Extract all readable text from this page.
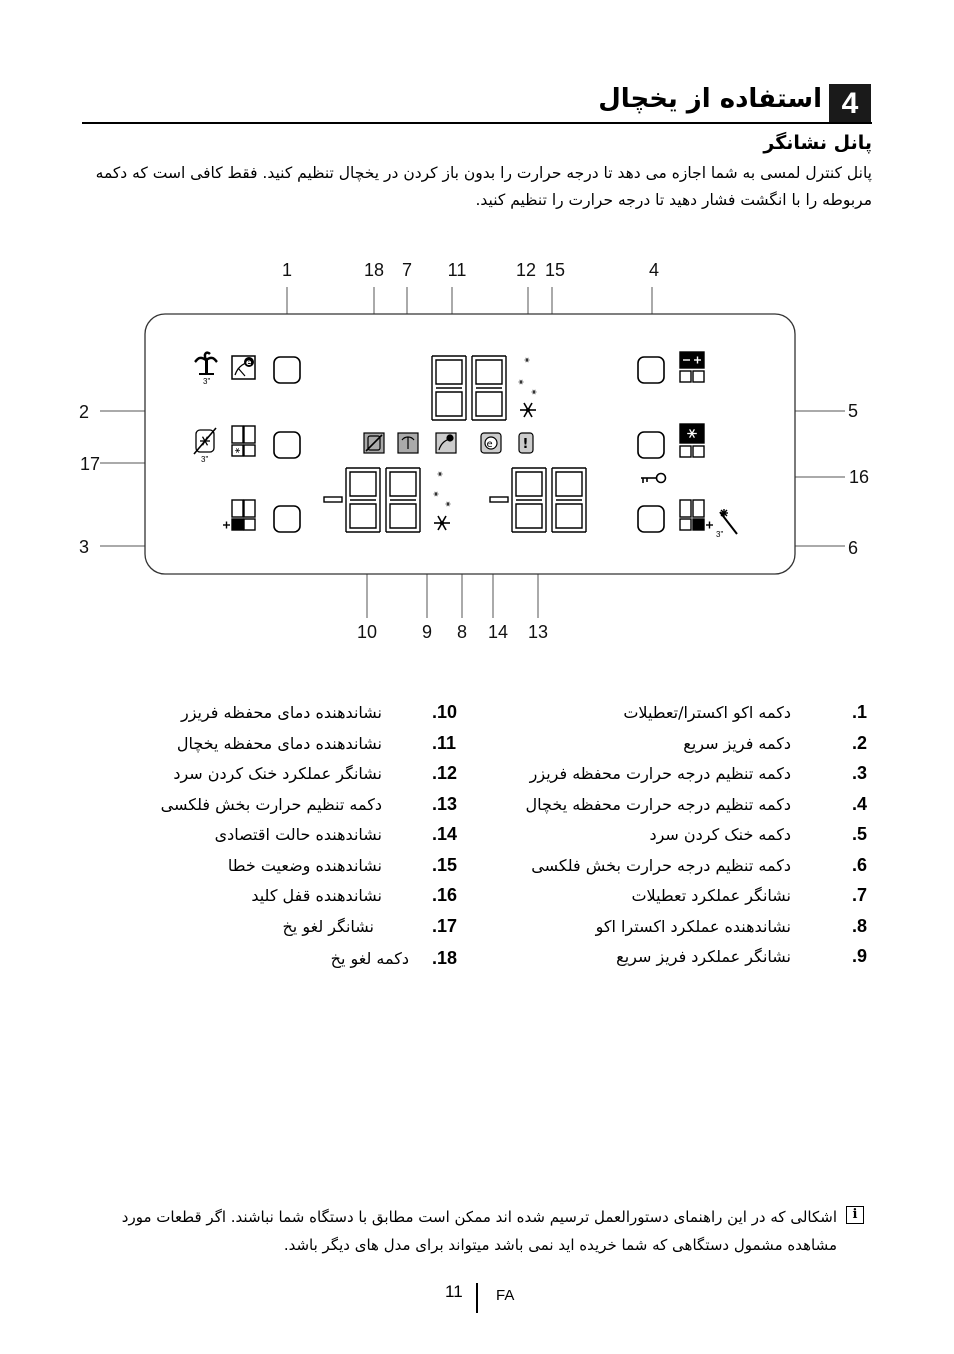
4
استفاده از یخچال
پانل نشانگر
پانل کنترل لمسی به شما اجازه می دهد تا درجه حرارت را بدون باز کردن در یخچال تنظیم کنید. فقط کافی است که دکمه مربوطه را با انگشت فشار دهید تا درجه حرارت را تنظیم کنید.
1	18 7 11	12 15	4
2
17
3
5
16
6
10 9 8 14 13
3"
e
3"
e !
3"
.1
دکمه اکو اکسترا/تعطیلات
.2
دکمه فریز سریع
.3
دکمه تنظیم درجه حرارت محفظه فریزر
.4
دکمه تنظیم درجه حرارت محفظه یخچال
.5
دکمه خنک کردن سرد
.6
دکمه تنظیم درجه حرارت بخش فلکسی
.7
نشانگر عملکرد تعطیلات
.8
نشاندهنده عملکرد اکسترا اکو
.9
نشانگر عملکرد فریز سریع
.10
نشاندهنده دمای محفظه فریزر
.11
نشاندهنده دمای محفظه یخچال
.12
نشانگر عملکرد خنک کردن سرد
.13
دکمه تنظیم حرارت بخش فلکسی
.14
نشاندهنده حالت اقتصادی
.15
نشاندهنده وضعیت خطا
.16
نشاندهنده قفل کلید
.17
نشانگر لغو یخ
.18
دکمه لغو یخ
i
اشکالی که در این راهنمای دستورالعمل ترسیم شده اند ممکن است مطابق با دستگاه شما نباشند. اگر قطعات مورد مشاهده مشمول دستگاهی که شما خریده اید نمی باشد میتواند برای مدل های دیگر باشد.
11 FA
